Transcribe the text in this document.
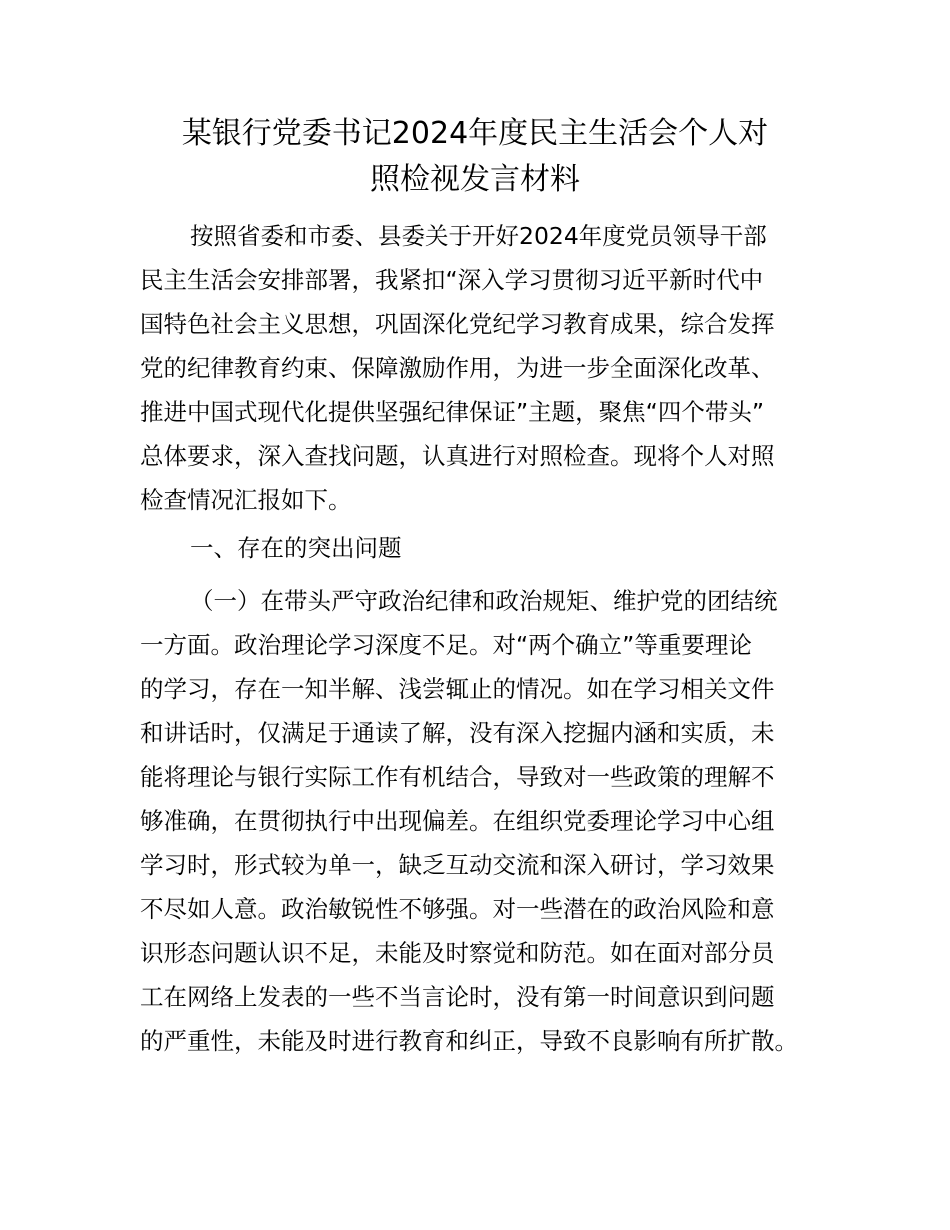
某银行党委书记2024年度民主生活会个人对
照检视发言材料
按照省委和市委、县委关于开好2024年度党员领导干部
民主生活会安排部署，我紧扣“深入学习贯彻习近平新时代中
国特色社会主义思想，巩固深化党纪学习教育成果，综合发挥
党的纪律教育约束、保障激励作用，为进一步全面深化改革、
推进中国式现代化提供坚强纪律保证”主题，聚焦“四个带头”
总体要求，深入查找问题，认真进行对照检查。现将个人对照
检查情况汇报如下。
一、存在的突出问题
（一）在带头严守政治纪律和政治规矩、维护党的团结统
一方面。政治理论学习深度不足。对“两个确立”等重要理论
的学习，存在一知半解、浅尝辄止的情况。如在学习相关文件
和讲话时，仅满足于通读了解，没有深入挖掘内涵和实质，未
能将理论与银行实际工作有机结合，导致对一些政策的理解不
够准确，在贯彻执行中出现偏差。在组织党委理论学习中心组
学习时，形式较为单一，缺乏互动交流和深入研讨，学习效果
不尽如人意。政治敏锐性不够强。对一些潜在的政治风险和意
识形态问题认识不足，未能及时察觉和防范。如在面对部分员
工在网络上发表的一些不当言论时，没有第一时间意识到问题
的严重性，未能及时进行教育和纠正，导致不良影响有所扩散。
